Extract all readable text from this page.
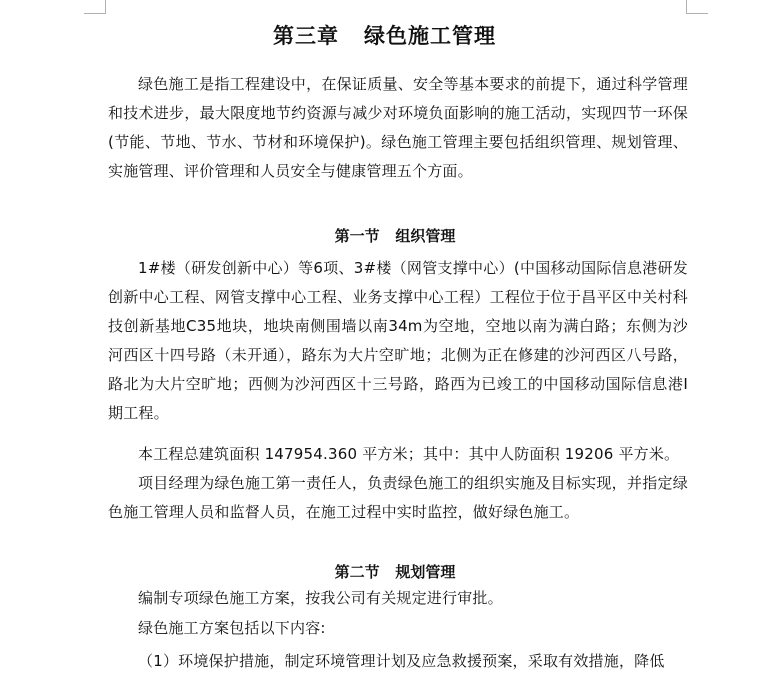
第三章   绿色施工管理

绿色施工是指工程建设中，在保证质量、安全等基本要求的前提下，通过科学管理和技术进步，最大限度地节约资源与减少对环境负面影响的施工活动，实现四节一环保(节能、节地、节水、节材和环境保护)。绿色施工管理主要包括组织管理、规划管理、实施管理、评价管理和人员安全与健康管理五个方面。

第一节   组织管理

1#楼（研发创新中心）等6项、3#楼（网管支撑中心）(中国移动国际信息港研发创新中心工程、网管支撑中心工程、业务支撑中心工程）工程位于位于昌平区中关村科技创新基地C35地块，地块南侧围墙以南34m为空地，空地以南为满白路；东侧为沙河西区十四号路（未开通），路东为大片空旷地；北侧为正在修建的沙河西区八号路，路北为大片空旷地；西侧为沙河西区十三号路，路西为已竣工的中国移动国际信息港I期工程。

本工程总建筑面积 147954.360 平方米；其中：其中人防面积 19206 平方米。

项目经理为绿色施工第一责任人，负责绿色施工的组织实施及目标实现，并指定绿色施工管理人员和监督人员，在施工过程中实时监控，做好绿色施工。

第二节   规划管理

编制专项绿色施工方案，按我公司有关规定进行审批。

绿色施工方案包括以下内容:

（1）环境保护措施，制定环境管理计划及应急救援预案，采取有效措施，降低
